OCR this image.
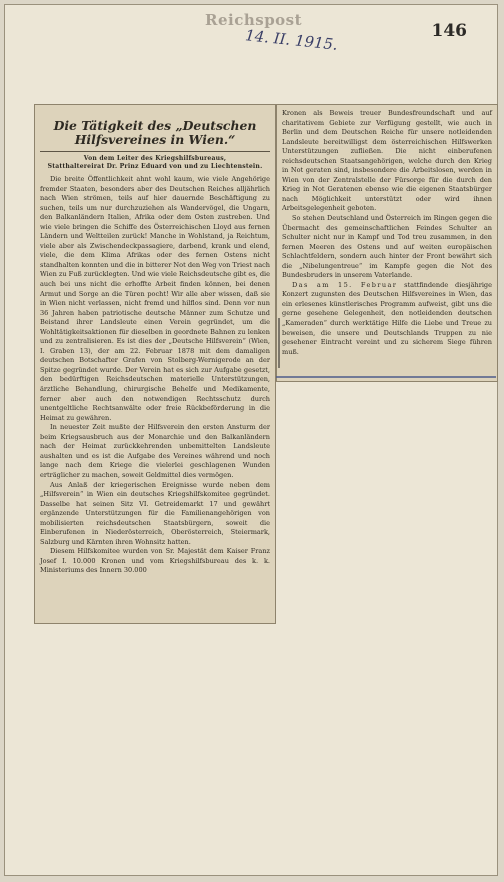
Reichspost
14. II. 1915.	146
Die Tätigkeit des „Deutschen
Hilfsvereines in Wien.“
Von dem Leiter des Kriegshilfsbureaus,
Statthaltereirat Dr. Prinz Eduard von und zu Liechtenstein.

Die breite Öffentlichkeit ahnt wohl kaum, wie viele Angehörige fremder Staaten, besonders aber des Deutschen Reiches alljährlich nach Wien strömen, teils auf hier dauernde Beschäftigung zu suchen, teils um nur durchzuziehen als Wandervögel, die Ungarn, den Balkanländern Italien, Afrika oder dem Osten zustreben. Und wie viele bringen die Schiffe des Österreichischen Lloyd aus fernen Ländern und Weltteilen zurück! Manche in Wohlstand, ja Reichtum, viele aber als Zwischendeckpassagiere, darbend, krank und elend, viele, die dem Klima Afrikas oder des fernen Ostens nicht standhalten konnten und die in bitterer Not den Weg von Triest nach Wien zu Fuß zurücklegten. Und wie viele Reichsdeutsche gibt es, die auch bei uns nicht die erhoffte Arbeit finden können, bei denen Armut und Sorge an die Türen pocht! Wir alle aber wissen, daß sie in Wien nicht verlassen, nicht fremd und hilflos sind. Denn vor nun 36 Jahren haben patriotische deutsche Männer zum Schutze und Beistand ihrer Landsleute einen Verein gegründet, um die Wohltätigkeitsaktionen für dieselben in geordnete Bahnen zu lenken und zu zentralisieren. Es ist dies der „Deutsche Hilfsverein“ (Wien, I. Graben 13), der am 22. Februar 1878 mit dem damaligen deutschen Botschafter Grafen von Stolberg-Wernigerode an der Spitze gegründet wurde. Der Verein hat es sich zur Aufgabe gesetzt, den bedürftigen Reichsdeutschen materielle Unterstützungen, ärztliche Behandlung, chirurgische Behelfe und Medikamente, ferner aber auch den notwendigen Rechtsschutz durch unentgeltliche Rechtsanwälte oder freie Rückbeförderung in die Heimat zu gewähren.

In neuester Zeit mußte der Hilfsverein den ersten Ansturm der beim Kriegsausbruch aus der Monarchie und den Balkanländern nach der Heimat zurückkehrenden unbemittelten Landsleute aushalten und es ist die Aufgabe des Vereines während und noch lange nach dem Kriege die vielerlei geschlagenen Wunden erträglicher zu machen, soweit Geldmittel dies vermögen.

Aus Anlaß der kriegerischen Ereignisse wurde neben dem „Hilfsverein“ in Wien ein deutsches Kriegshilfskomitee gegründet. Dasselbe hat seinen Sitz VI. Getreidemarkt 17 und gewährt ergänzende Unterstützungen für die Familienangehörigen von mobilisierten reichsdeutschen Staatsbürgern, soweit die Einberufenen in Niederösterreich, Oberösterreich, Steiermark, Salzburg und Kärnten ihren Wohnsitz hatten.

Diesem Hilfskomitee wurden von Sr. Majestät dem Kaiser Franz Josef I. 10.000 Kronen und vom Kriegshilfsbureau des k. k. Ministeriums des Innern 30.000

Kronen als Beweis treuer Bundesfreundschaft und auf charitativem Gebiete zur Verfügung gestellt, wie auch in Berlin und dem Deutschen Reiche für unsere notleidenden Landsleute bereitwilligst dem österreichischen Hilfswerken Unterstützungen zufließen. Die nicht einberufenen reichsdeutschen Staatsangehörigen, welche durch den Krieg in Not geraten sind, insbesondere die Arbeitslosen, werden in Wien von der Zentralstelle der Fürsorge für die durch den Krieg in Not Geratenen ebenso wie die eigenen Staatsbürger nach Möglichkeit unterstützt oder wird ihnen Arbeitsgelegenheit geboten.

So stehen Deutschland und Österreich im Ringen gegen die Übermacht des gemeinschaftlichen Feindes Schulter an Schulter nicht nur in Kampf und Tod treu zusammen, in den fernen Meeren des Ostens und auf weiten europäischen Schlachtfeldern, sondern auch hinter der Front bewährt sich die „Nibelungentreue“ im Kampfe gegen die Not des Bundesbruders in unserem Vaterlande.

Das am 15. Februar stattfindende diesjährige Konzert zugunsten des Deutschen Hilfsvereines in Wien, das ein erlesenes künstlerisches Programm aufweist, gibt uns die gerne gesehene Gelegenheit, den notleidenden deutschen „Kameraden“ durch werktätige Hilfe die Liebe und Treue zu beweisen, die unsere und Deutschlands Truppen zu nie gesehener Eintracht vereint und zu sicherem Siege führen muß.
